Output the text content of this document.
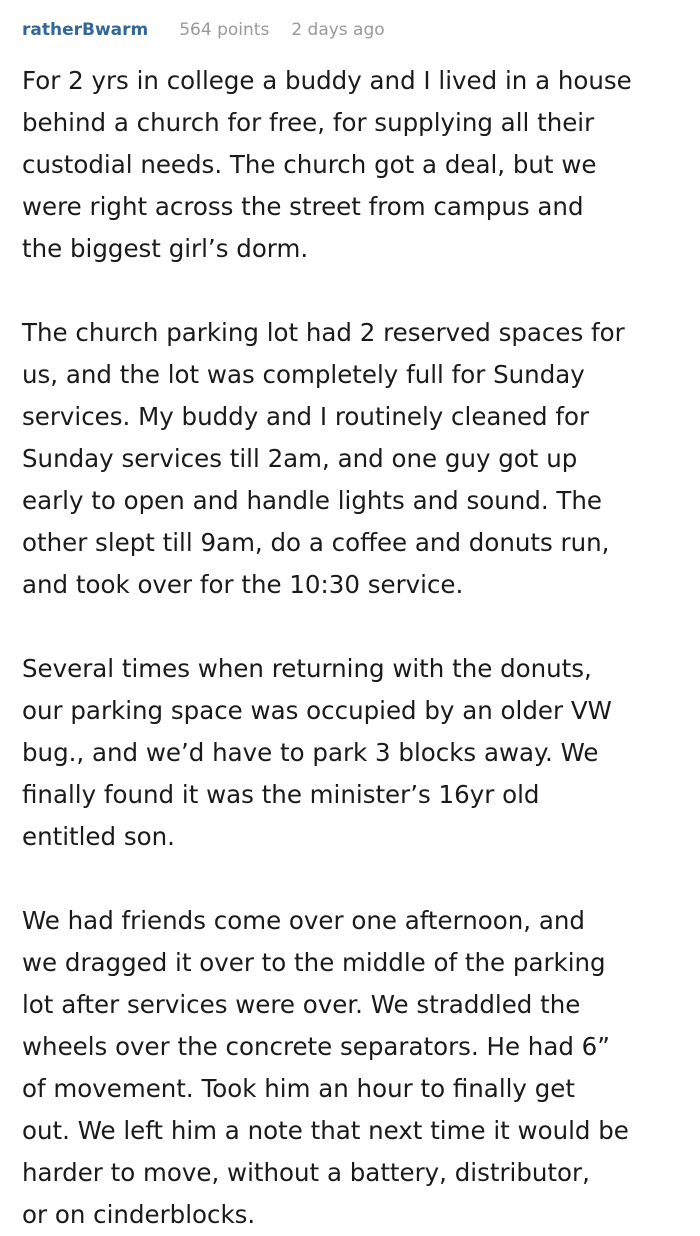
ratherBwarm 564 points 2 days ago

For 2 yrs in college a buddy and I lived in a house
behind a church for free, for supplying all their
custodial needs. The church got a deal, but we
were right across the street from campus and
the biggest girl’s dorm.

The church parking lot had 2 reserved spaces for
us, and the lot was completely full for Sunday
services. My buddy and I routinely cleaned for
Sunday services till 2am, and one guy got up
early to open and handle lights and sound. The
other slept till 9am, do a coffee and donuts run,
and took over for the 10:30 service.

Several times when returning with the donuts,
our parking space was occupied by an older VW
bug., and we’d have to park 3 blocks away. We
finally found it was the minister’s 16yr old
entitled son.

We had friends come over one afternoon, and
we dragged it over to the middle of the parking
lot after services were over. We straddled the
wheels over the concrete separators. He had 6”
of movement. Took him an hour to finally get
out. We left him a note that next time it would be
harder to move, without a battery, distributor,
or on cinderblocks.
